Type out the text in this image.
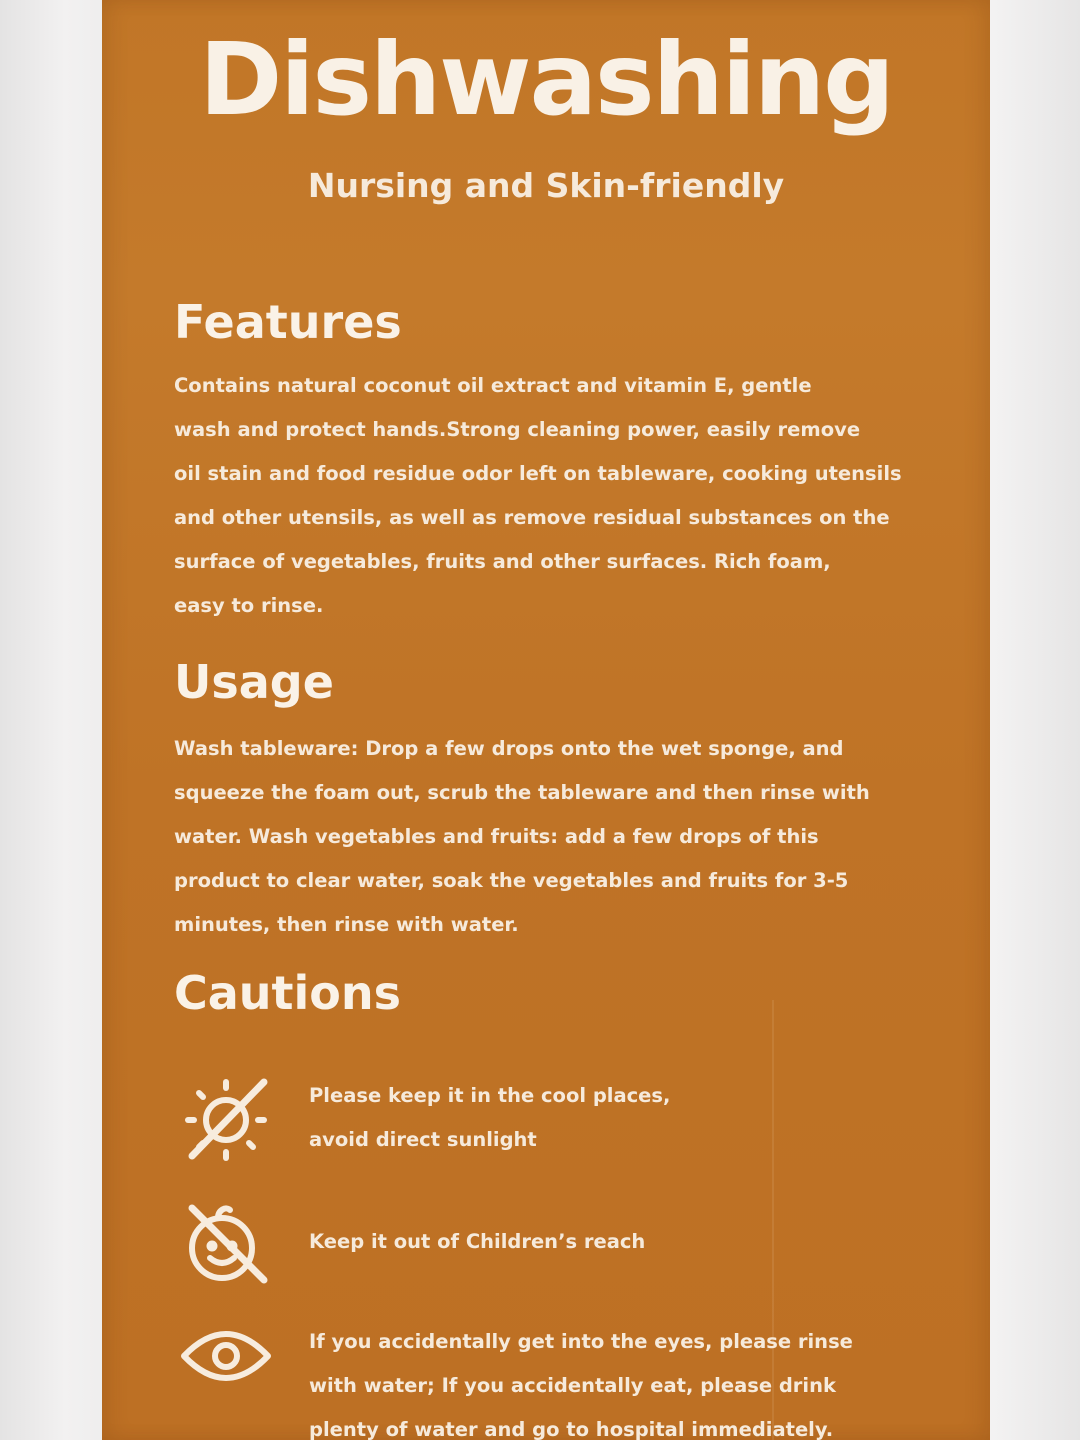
Dishwashing
Nursing and Skin-friendly
Features

Contains natural coconut oil extract and vitamin E, gentle
wash and protect hands.Strong cleaning power, easily remove
oil stain and food residue odor left on tableware, cooking utensils
and other utensils, as well as remove residual substances on the
surface of vegetables, fruits and other surfaces. Rich foam,
easy to rinse.

Usage

Wash tableware: Drop a few drops onto the wet sponge, and
squeeze the foam out, scrub the tableware and then rinse with
water. Wash vegetables and fruits: add a few drops of this
product to clear water, soak the vegetables and fruits for 3-5
minutes, then rinse with water.

Cautions

Please keep it in the cool places,
avoid direct sunlight

Keep it out of Children’s reach

If you accidentally get into the eyes, please rinse
with water; If you accidentally eat, please drink
plenty of water and go to hospital immediately.
